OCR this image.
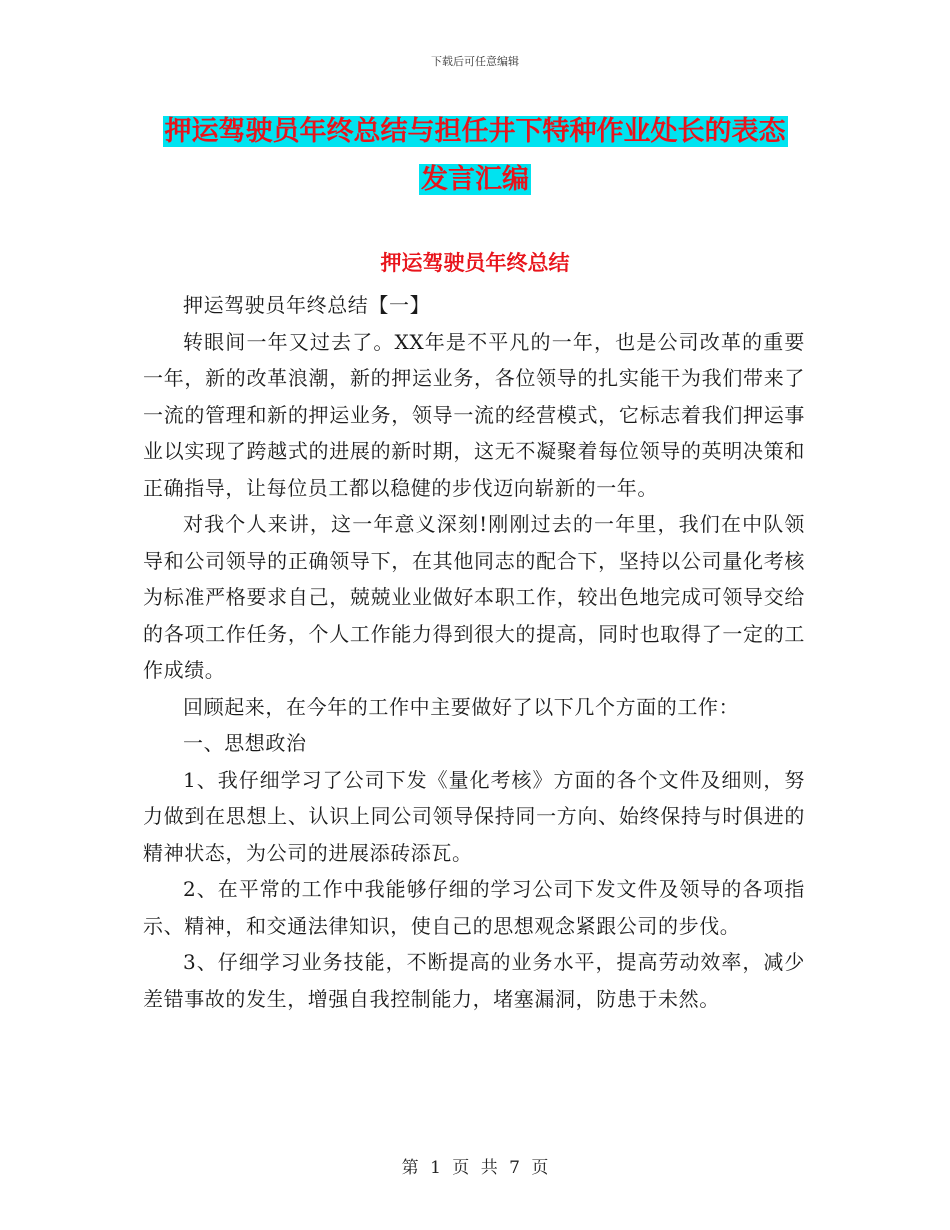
下载后可任意编辑
押运驾驶员年终总结与担任井下特种作业处长的表态
发言汇编
押运驾驶员年终总结

押运驾驶员年终总结【一】

转眼间一年又过去了。XX年是不平凡的一年，也是公司改革的重要一年，新的改革浪潮，新的押运业务，各位领导的扎实能干为我们带来了一流的管理和新的押运业务，领导一流的经营模式，它标志着我们押运事业以实现了跨越式的进展的新时期，这无不凝聚着每位领导的英明决策和正确指导，让每位员工都以稳健的步伐迈向崭新的一年。

对我个人来讲，这一年意义深刻!刚刚过去的一年里，我们在中队领导和公司领导的正确领导下，在其他同志的配合下，坚持以公司量化考核为标准严格要求自己，兢兢业业做好本职工作，较出色地完成可领导交给的各项工作任务，个人工作能力得到很大的提高，同时也取得了一定的工作成绩。

回顾起来，在今年的工作中主要做好了以下几个方面的工作：

一、思想政治

1、我仔细学习了公司下发《量化考核》方面的各个文件及细则，努力做到在思想上、认识上同公司领导保持同一方向、始终保持与时俱进的精神状态，为公司的进展添砖添瓦。

2、在平常的工作中我能够仔细的学习公司下发文件及领导的各项指示、精神，和交通法律知识，使自己的思想观念紧跟公司的步伐。

3、仔细学习业务技能，不断提高的业务水平，提高劳动效率，减少差错事故的发生，增强自我控制能力，堵塞漏洞，防患于未然。

第 1 页 共 7 页
